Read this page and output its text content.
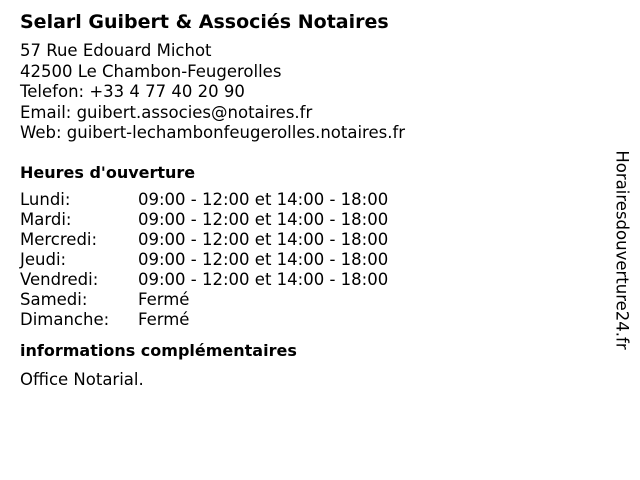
Selarl Guibert & Associés Notaires
57 Rue Edouard Michot
42500 Le Chambon-Feugerolles
Telefon: +33 4 77 40 20 90
Email: guibert.associes@notaires.fr
Web: guibert-lechambonfeugerolles.notaires.fr
Heures d'ouverture
Lundi:	09:00 - 12:00 et 14:00 - 18:00
Mardi:	09:00 - 12:00 et 14:00 - 18:00
Mercredi:	09:00 - 12:00 et 14:00 - 18:00
Jeudi:	09:00 - 12:00 et 14:00 - 18:00
Vendredi:	09:00 - 12:00 et 14:00 - 18:00
Samedi:	Fermé
Dimanche:	Fermé
informations complémentaires
Office Notarial.
Horairesdouverture24.fr
